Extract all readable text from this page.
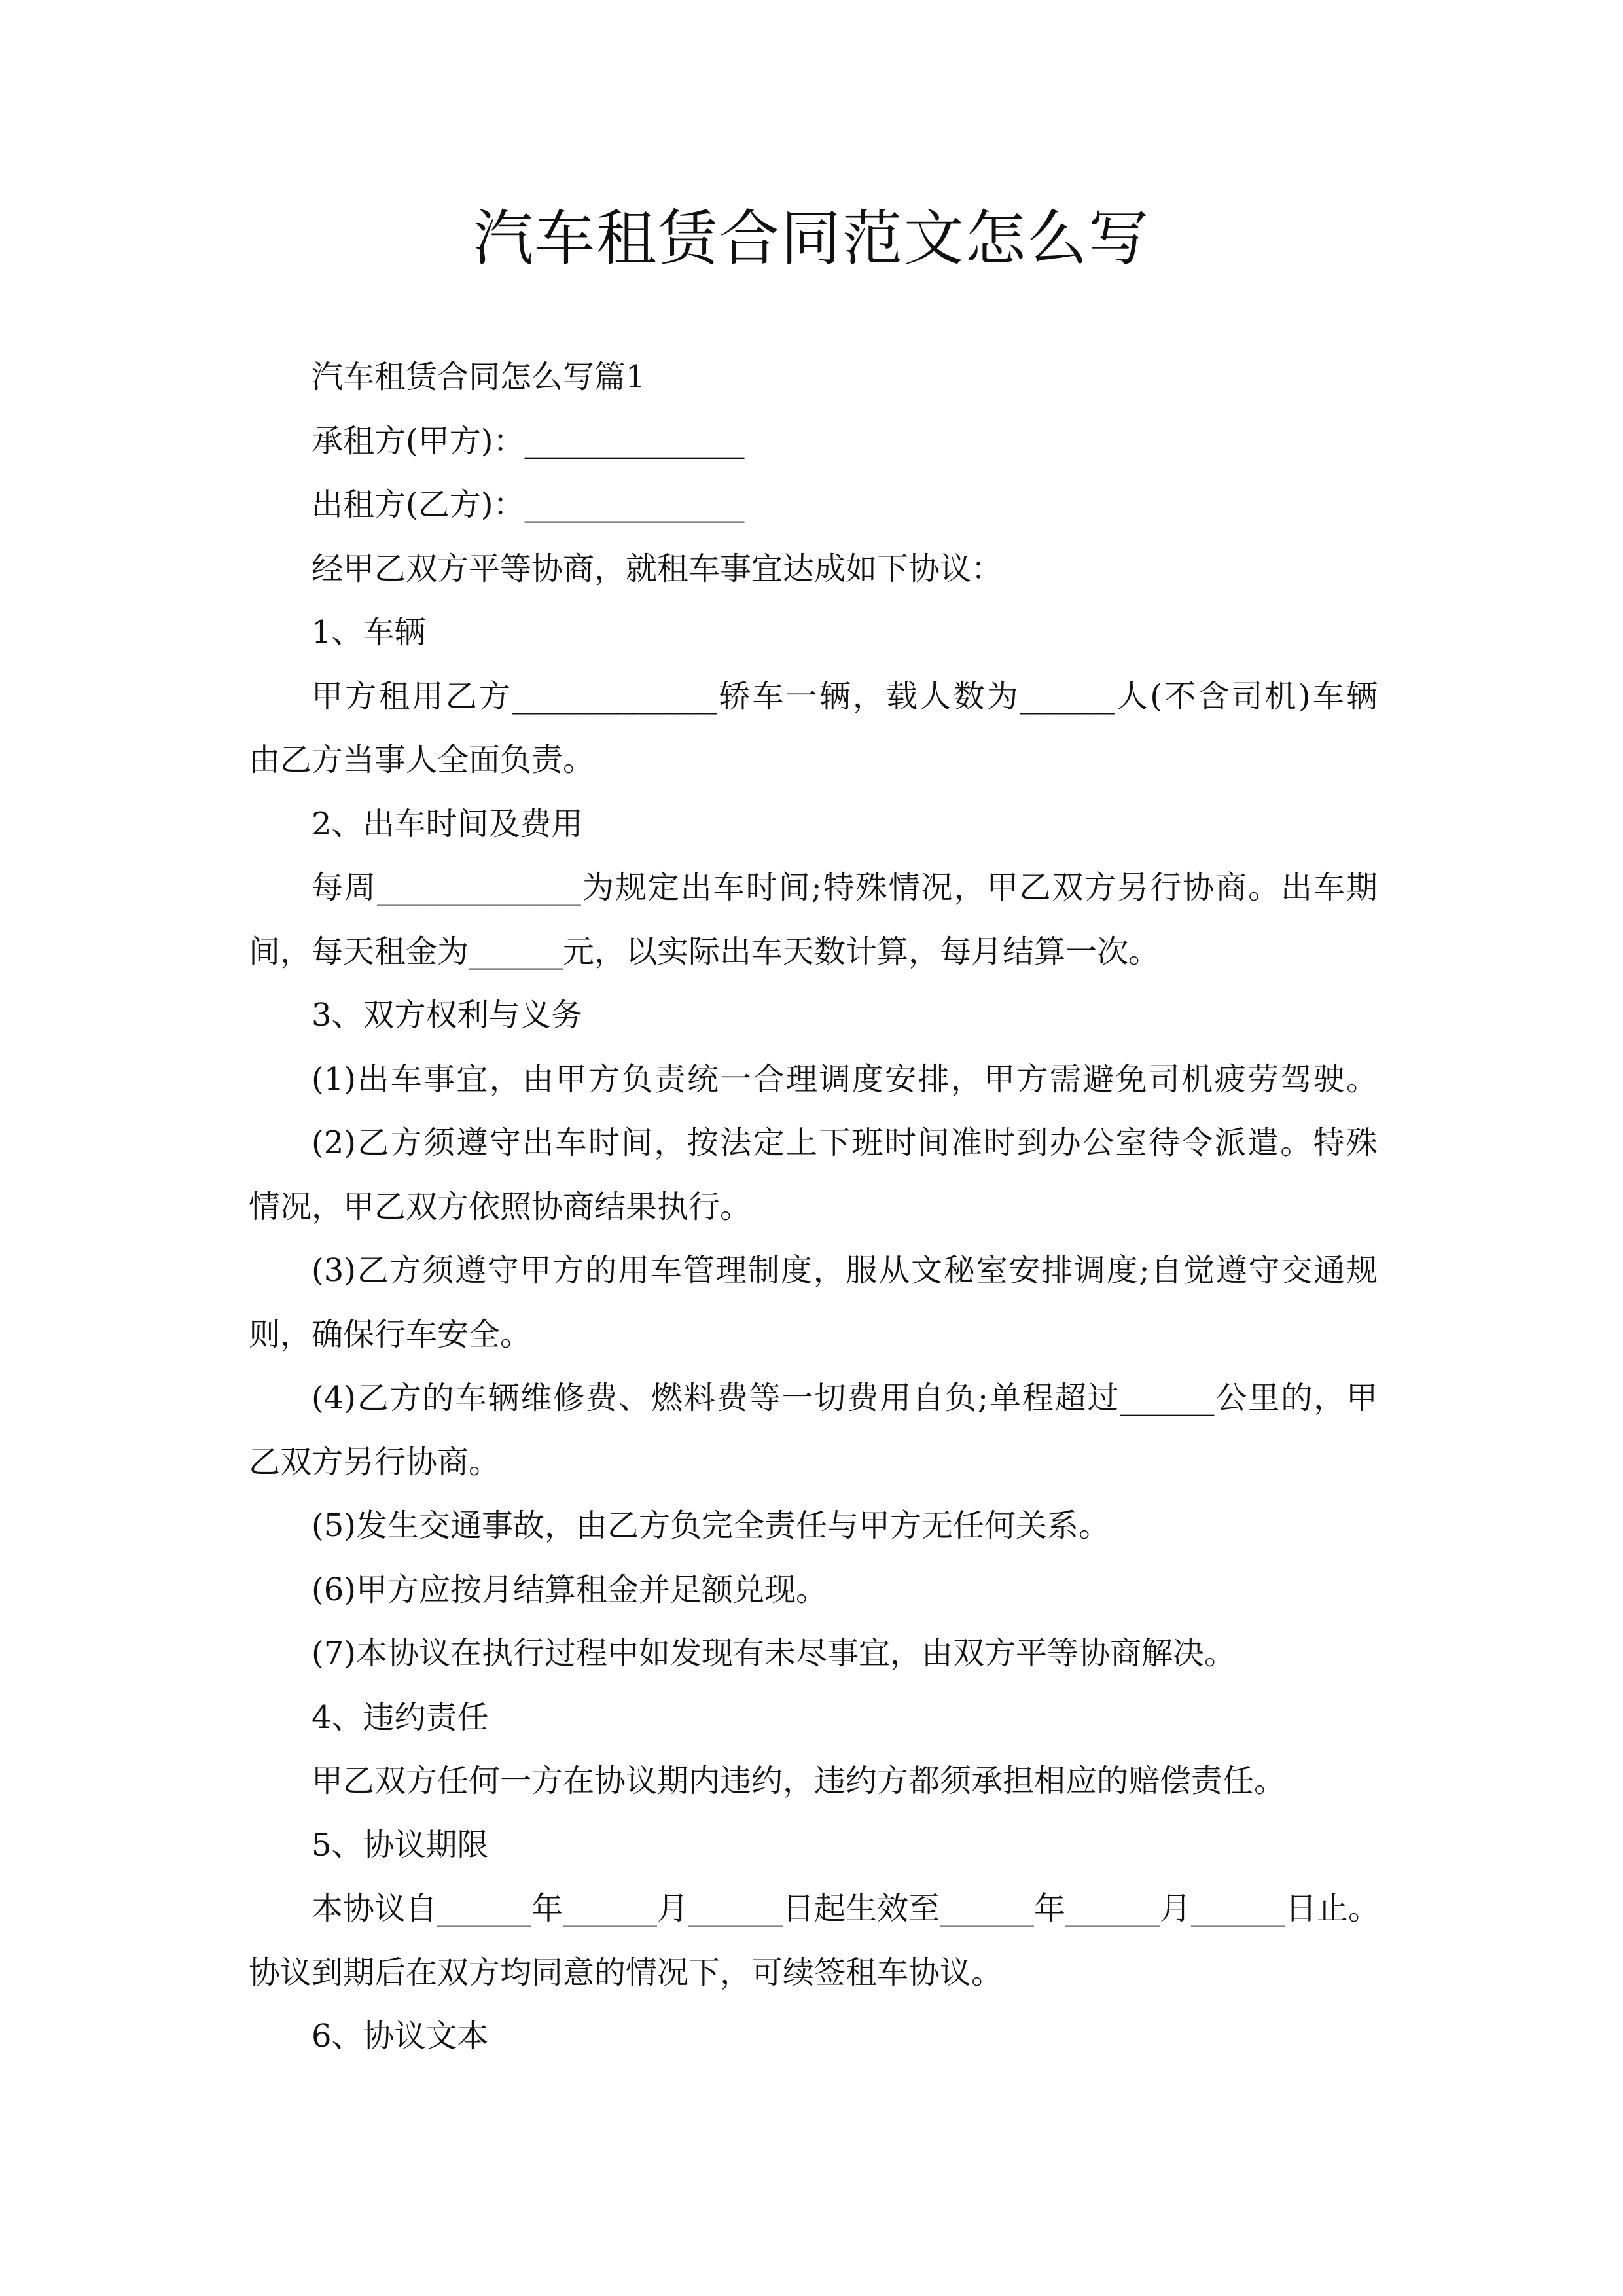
汽车租赁合同范文怎么写
汽车租赁合同怎么写篇1
承租方(甲方)：______________
出租方(乙方)：______________
经甲乙双方平等协商，就租车事宜达成如下协议：
1、车辆
甲方租用乙方_____________轿车一辆，载人数为______人(不含司机)车辆
由乙方当事人全面负责。
2、出车时间及费用
每周_____________为规定出车时间;特殊情况，甲乙双方另行协商。出车期
间，每天租金为______元，以实际出车天数计算，每月结算一次。
3、双方权利与义务
(1)出车事宜，由甲方负责统一合理调度安排，甲方需避免司机疲劳驾驶。
(2)乙方须遵守出车时间，按法定上下班时间准时到办公室待令派遣。特殊
情况，甲乙双方依照协商结果执行。
(3)乙方须遵守甲方的用车管理制度，服从文秘室安排调度;自觉遵守交通规
则，确保行车安全。
(4)乙方的车辆维修费、燃料费等一切费用自负;单程超过______公里的，甲
乙双方另行协商。
(5)发生交通事故，由乙方负完全责任与甲方无任何关系。
(6)甲方应按月结算租金并足额兑现。
(7)本协议在执行过程中如发现有未尽事宜，由双方平等协商解决。
4、违约责任
甲乙双方任何一方在协议期内违约，违约方都须承担相应的赔偿责任。
5、协议期限
本协议自______年______月______日起生效至______年______月______日止。
协议到期后在双方均同意的情况下，可续签租车协议。
6、协议文本
